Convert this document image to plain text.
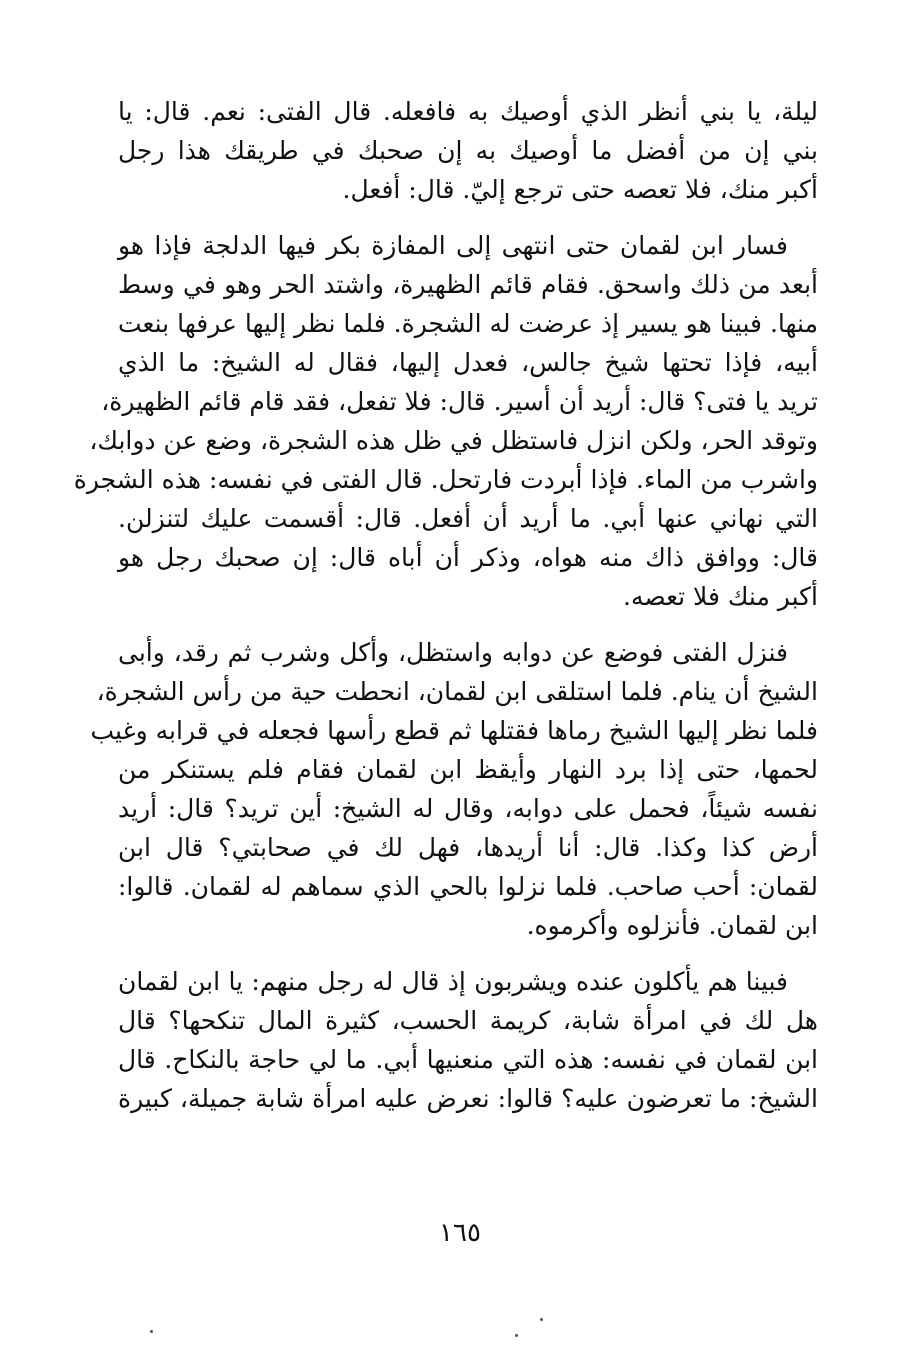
ليلة، يا بني أنظر الذي أوصيك به فافعله. قال الفتى: نعم. قال: يا
بني إن من أفضل ما أوصيك به إن صحبك في طريقك هذا رجل
أكبر منك، فلا تعصه حتى ترجع إليّ. قال: أفعل.

فسار ابن لقمان حتى انتهى إلى المفازة بكر فيها الدلجة فإذا هو
أبعد من ذلك واسحق. فقام قائم الظهيرة، واشتد الحر وهو في وسط
منها. فبينا هو يسير إذ عرضت له الشجرة. فلما نظر إليها عرفها بنعت
أبيه، فإذا تحتها شيخ جالس، فعدل إليها، فقال له الشيخ: ما الذي
تريد يا فتى؟ قال: أريد أن أسير. قال: فلا تفعل، فقد قام قائم الظهيرة،
وتوقد الحر، ولكن انزل فاستظل في ظل هذه الشجرة، وضع عن دوابك،
واشرب من الماء. فإذا أبردت فارتحل. قال الفتى في نفسه: هذه الشجرة
التي نهاني عنها أبي. ما أريد أن أفعل. قال: أقسمت عليك لتنزلن.
قال: ووافق ذاك منه هواه، وذكر أن أباه قال: إن صحبك رجل هو
أكبر منك فلا تعصه.

فنزل الفتى فوضع عن دوابه واستظل، وأكل وشرب ثم رقد، وأبى
الشيخ أن ينام. فلما استلقى ابن لقمان، انحطت حية من رأس الشجرة،
فلما نظر إليها الشيخ رماها فقتلها ثم قطع رأسها فجعله في قرابه وغيب
لحمها، حتى إذا برد النهار وأيقظ ابن لقمان فقام فلم يستنكر من
نفسه شيئاً، فحمل على دوابه، وقال له الشيخ: أين تريد؟ قال: أريد
أرض كذا وكذا. قال: أنا أريدها، فهل لك في صحابتي؟ قال ابن
لقمان: أحب صاحب. فلما نزلوا بالحي الذي سماهم له لقمان. قالوا:
ابن لقمان. فأنزلوه وأكرموه.

فبينا هم يأكلون عنده ويشربون إذ قال له رجل منهم: يا ابن لقمان
هل لك في امرأة شابة، كريمة الحسب، كثيرة المال تنكحها؟ قال
ابن لقمان في نفسه: هذه التي منعنيها أبي. ما لي حاجة بالنكاح. قال
الشيخ: ما تعرضون عليه؟ قالوا: نعرض عليه امرأة شابة جميلة، كبيرة

١٦٥
